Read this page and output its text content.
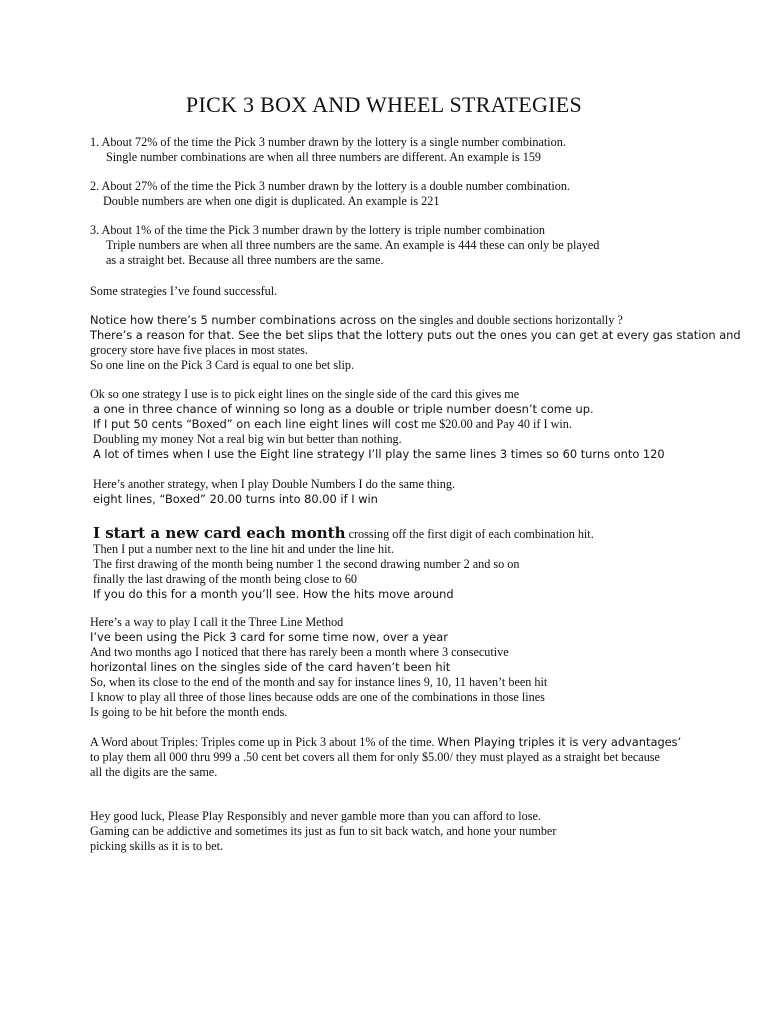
PICK 3 BOX AND WHEEL STRATEGIES
1. About 72% of the time the Pick 3 number drawn by the lottery is a single number combination.
Single number combinations are when all three numbers are different. An example is 159
2. About 27% of the time the Pick 3 number drawn by the lottery is a double number combination.
Double numbers are when one digit is duplicated. An example is 221
3. About 1% of the time the Pick 3 number drawn by the lottery is triple number combination
Triple numbers are when all three numbers are the same. An example is 444 these can only be played
as a straight bet. Because all three numbers are the same.
Some strategies I’ve found successful.
Notice how there’s 5 number combinations across on the singles and double sections horizontally ?
There’s a reason for that. See the bet slips that the lottery puts out the ones you can get at every gas station and
grocery store have five places in most states.
So one line on the Pick 3 Card is equal to one bet slip.
Ok so one strategy I use is to pick eight lines on the single side of the card this gives me
a one in three chance of winning so long as a double or triple number doesn’t come up.
If I put 50 cents “Boxed” on each line eight lines will cost me $20.00 and Pay 40 if I win.
Doubling my money Not a real big win but better than nothing.
A lot of times when I use the Eight line strategy I’ll play the same lines 3 times so 60 turns onto 120
Here’s another strategy, when I play Double Numbers I do the same thing.
eight lines, “Boxed” 20.00 turns into 80.00 if I win
I start a new card each month crossing off the first digit of each combination hit.
Then I put a number next to the line hit and under the line hit.
The first drawing of the month being number 1 the second drawing number 2 and so on
finally the last drawing of the month being close to 60
If you do this for a month you’ll see. How the hits move around
Here’s a way to play I call it the Three Line Method
I’ve been using the Pick 3 card for some time now, over a year
And two months ago I noticed that there has rarely been a month where 3 consecutive
horizontal lines on the singles side of the card haven’t been hit
So, when its close to the end of the month and say for instance lines 9, 10, 11 haven’t been hit
I know to play all three of those lines because odds are one of the combinations in those lines
Is going to be hit before the month ends.
A Word about Triples: Triples come up in Pick 3 about 1% of the time. When Playing triples it is very advantages’
to play them all 000 thru 999 a .50 cent bet covers all them for only $5.00/ they must played as a straight bet because
all the digits are the same.
Hey good luck, Please Play Responsibly and never gamble more than you can afford to lose.
Gaming can be addictive and sometimes its just as fun to sit back watch, and hone your number
picking skills as it is to bet.
